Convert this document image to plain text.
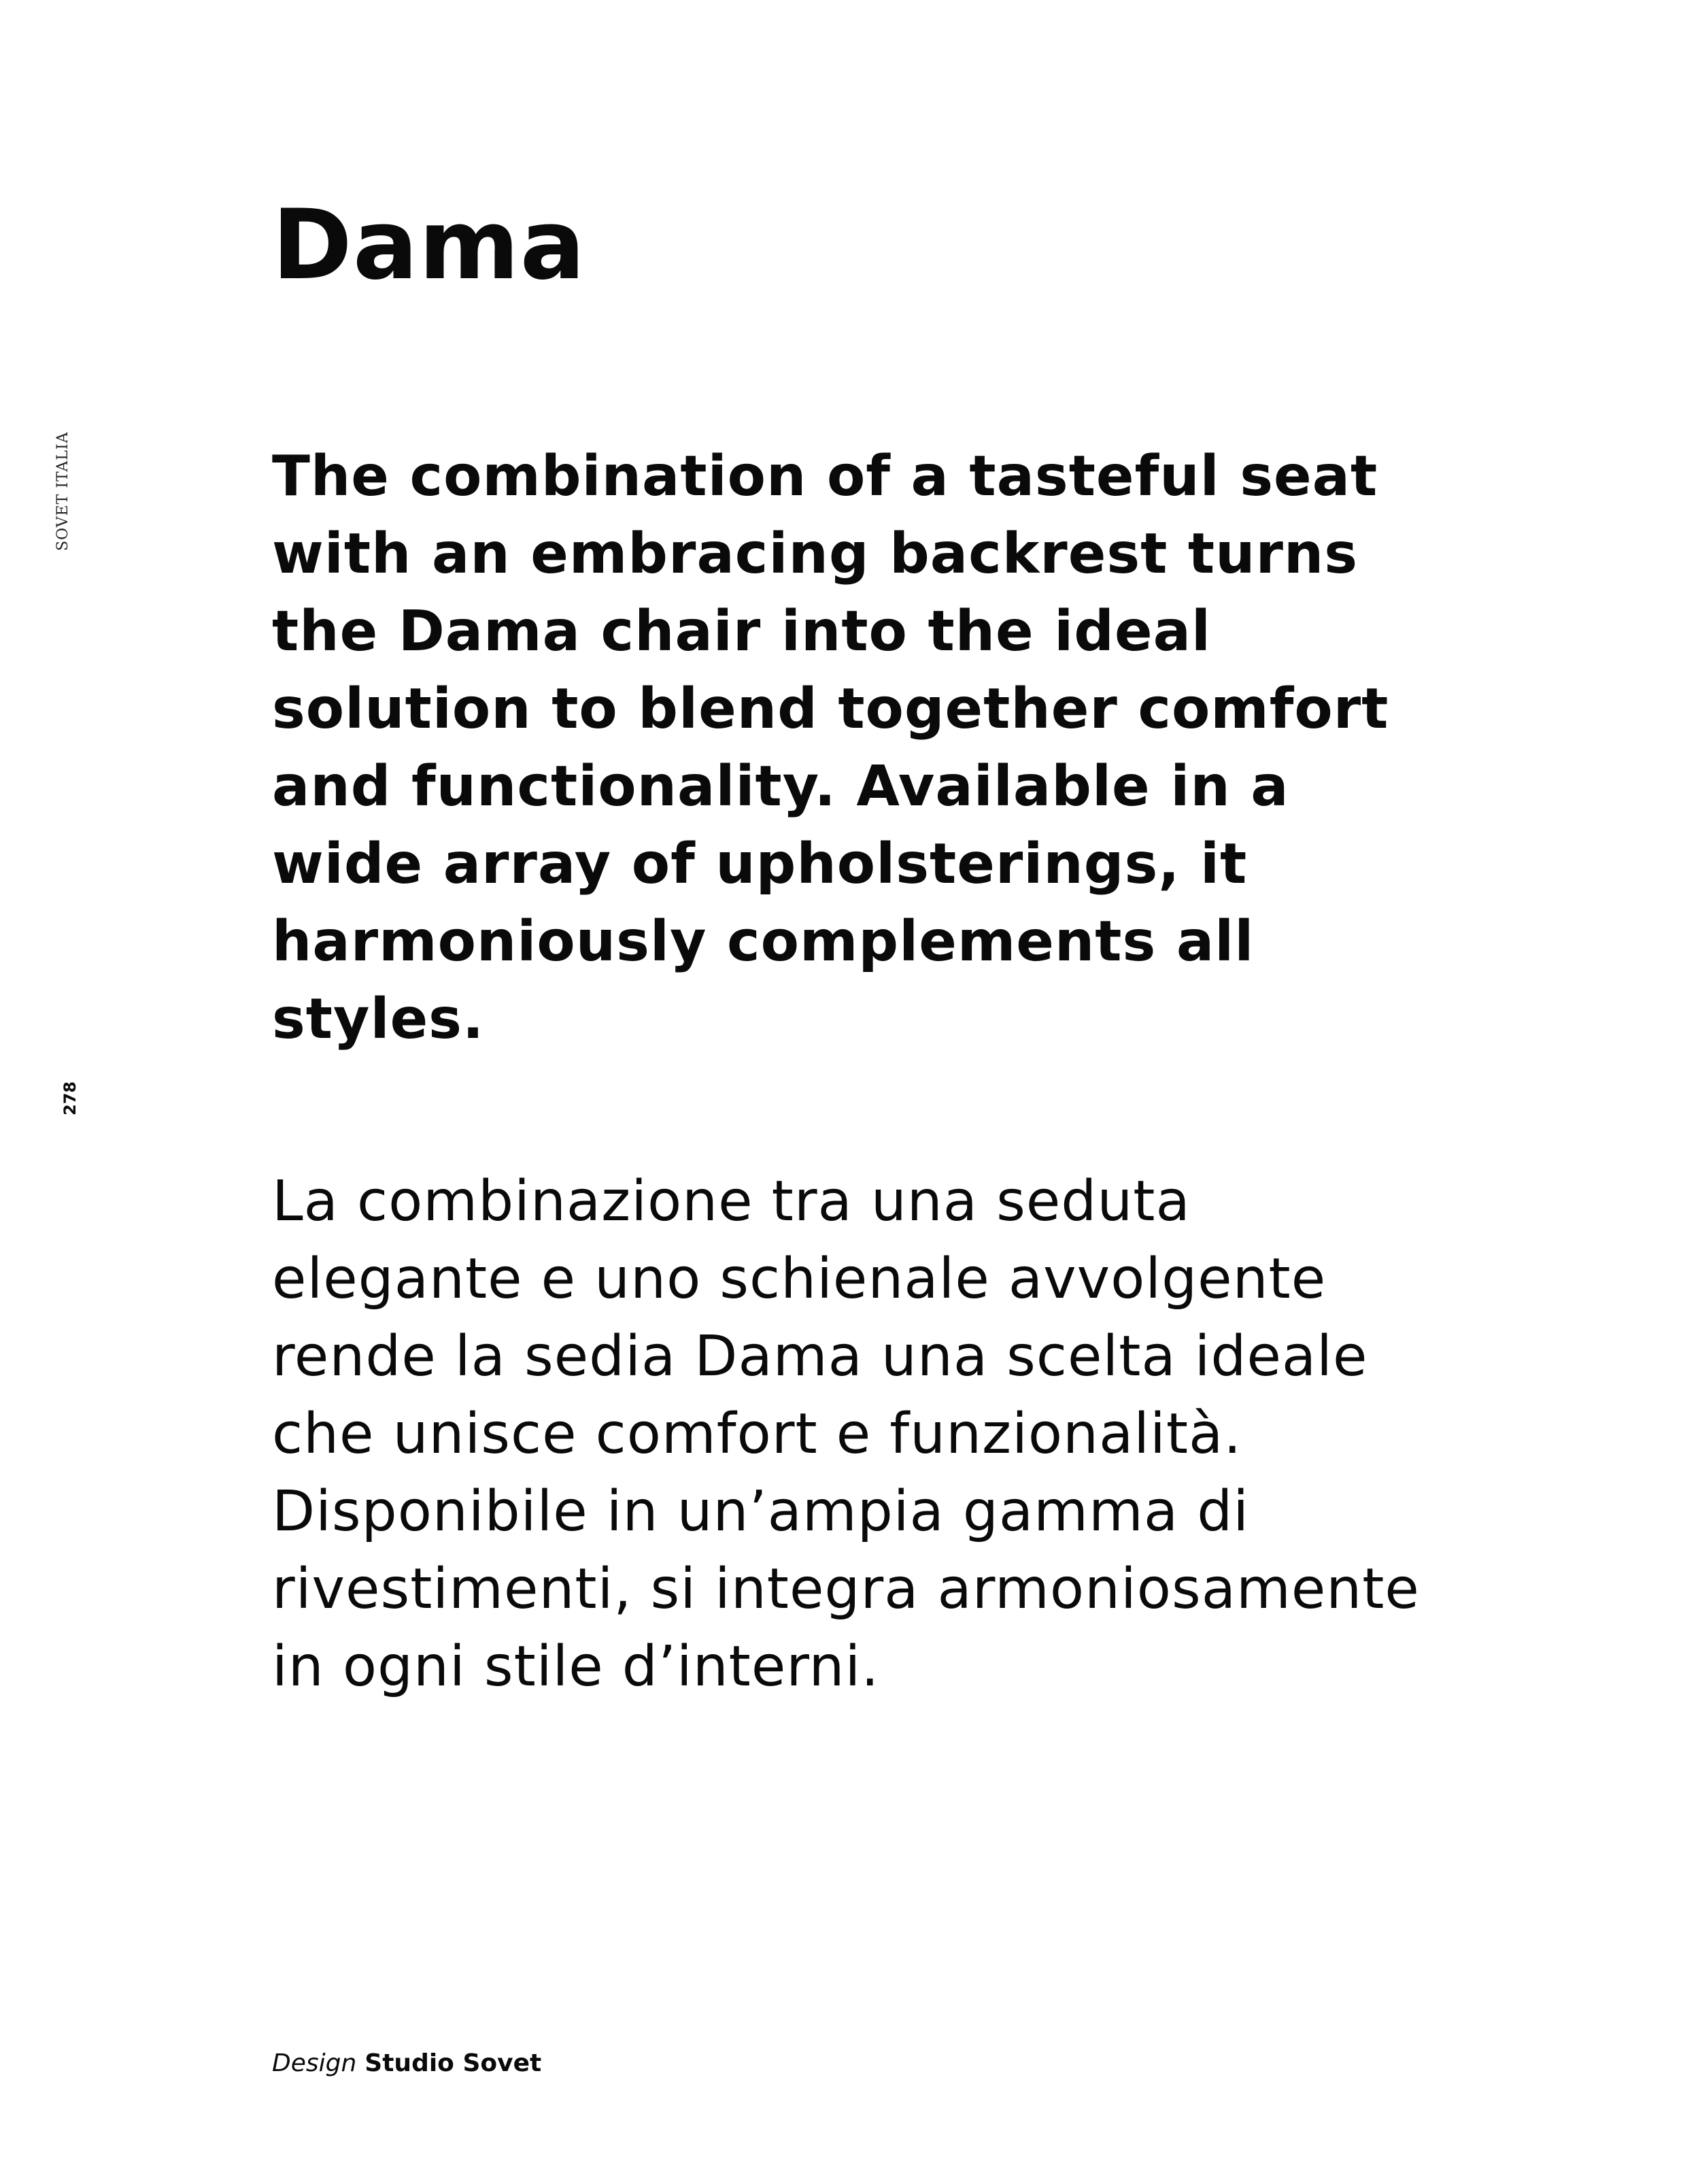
SOVET ITALIA
278
Dama

The combination of a tasteful seat with an embracing backrest turns the Dama chair into the ideal solution to blend together comfort and functionality. Available in a wide array of upholsterings, it harmoniously complements all styles.

La combinazione tra una seduta elegante e uno schienale avvolgente rende la sedia Dama una scelta ideale che unisce comfort e funzionalità. Disponibile in un’ampia gamma di rivestimenti, si integra armoniosamente in ogni stile d’interni.

Design Studio Sovet
